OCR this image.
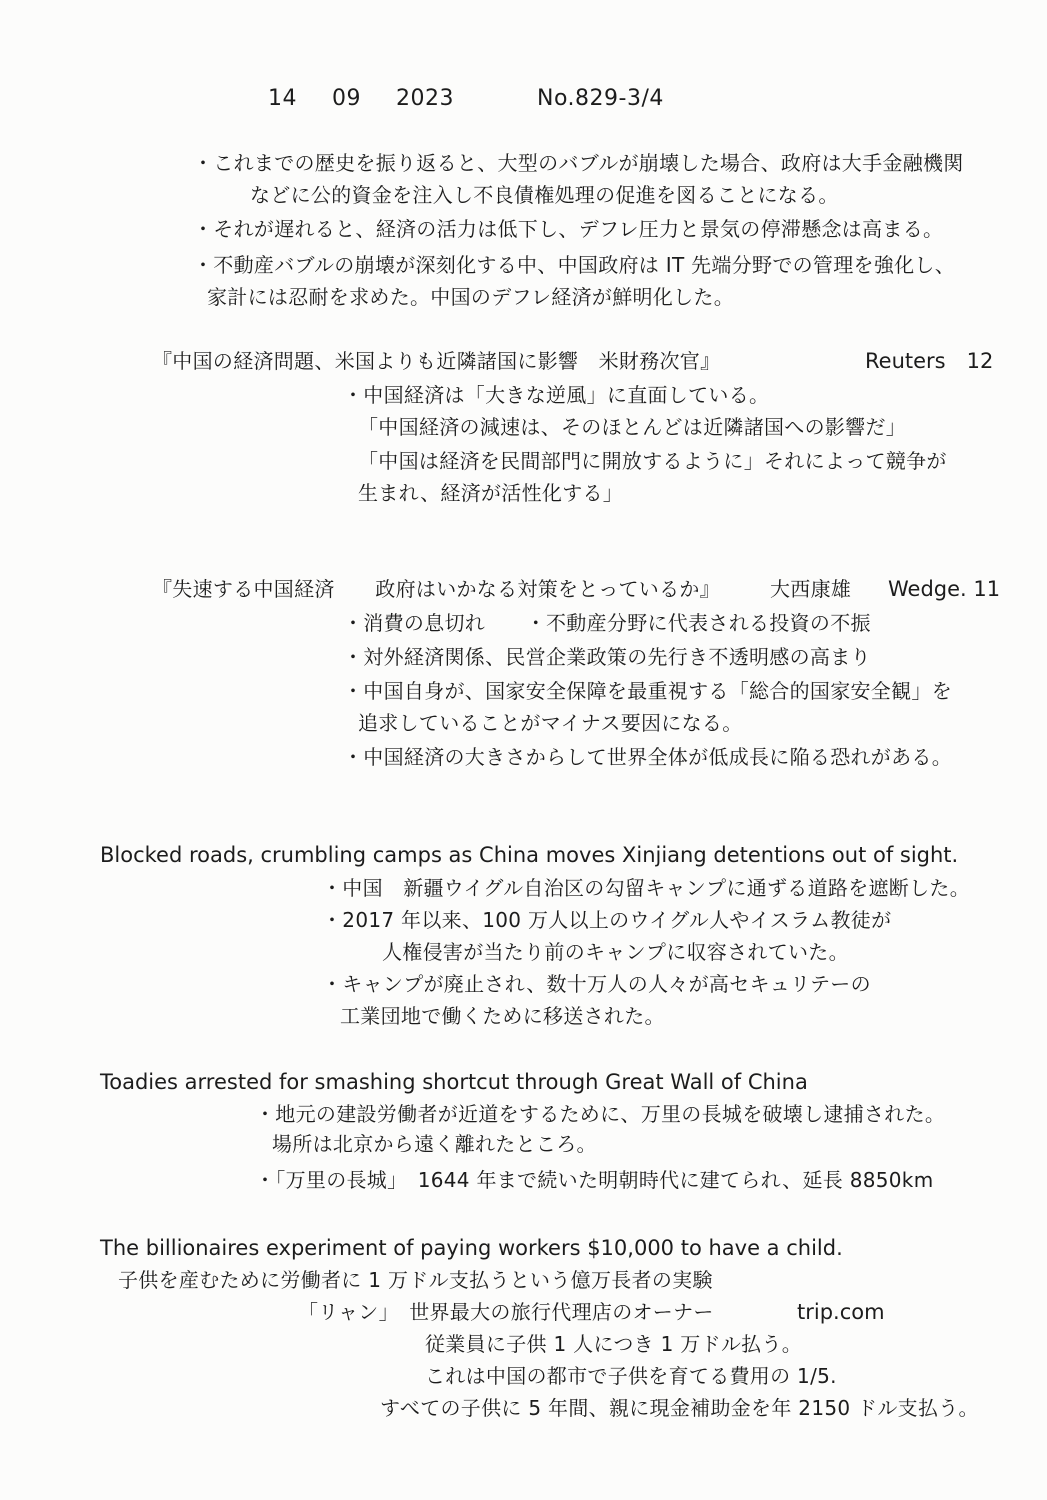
14 09 2023	No.829-3/4
・これまでの歴史を振り返ると、大型のバブルが崩壊した場合、政府は大手金融機関
などに公的資金を注入し不良債権処理の促進を図ることになる。
・それが遅れると、経済の活力は低下し、デフレ圧力と景気の停滞懸念は高まる。
・不動産バブルの崩壊が深刻化する中、中国政府は IT 先端分野での管理を強化し、
家計には忍耐を求めた。中国のデフレ経済が鮮明化した。
『中国の経済問題、米国よりも近隣諸国に影響　米財務次官』	Reuters　12
・中国経済は「大きな逆風」に直面している。
「中国経済の減速は、そのほとんどは近隣諸国への影響だ」
「中国は経済を民間部門に開放するように」それによって競争が
生まれ、経済が活性化する」
『失速する中国経済　　政府はいかなる対策をとっているか』	大西康雄 Wedge. 11
・消費の息切れ　　・不動産分野に代表される投資の不振
・対外経済関係、民営企業政策の先行き不透明感の高まり
・中国自身が、国家安全保障を最重視する「総合的国家安全観」を
追求していることがマイナス要因になる。
・中国経済の大きさからして世界全体が低成長に陥る恐れがある。
Blocked roads, crumbling camps as China moves Xinjiang detentions out of sight.
・中国　新疆ウイグル自治区の勾留キャンプに通ずる道路を遮断した。
・2017 年以来、100 万人以上のウイグル人やイスラム教徒が
人権侵害が当たり前のキャンプに収容されていた。
・キャンプが廃止され、数十万人の人々が高セキュリテーの
工業団地で働くために移送された。
Toadies arrested for smashing shortcut through Great Wall of China
・地元の建設労働者が近道をするために、万里の長城を破壊し逮捕された。
場所は北京から遠く離れたところ。
・「万里の長城」　1644 年まで続いた明朝時代に建てられ、延長 8850km
The billionaires experiment of paying workers $10,000 to have a child.
子供を産むために労働者に 1 万ドル支払うという億万長者の実験
「リャン」　世界最大の旅行代理店のオーナー	trip.com
従業員に子供 1 人につき 1 万ドル払う。
これは中国の都市で子供を育てる費用の 1/5.
すべての子供に 5 年間、親に現金補助金を年 2150 ドル支払う。
